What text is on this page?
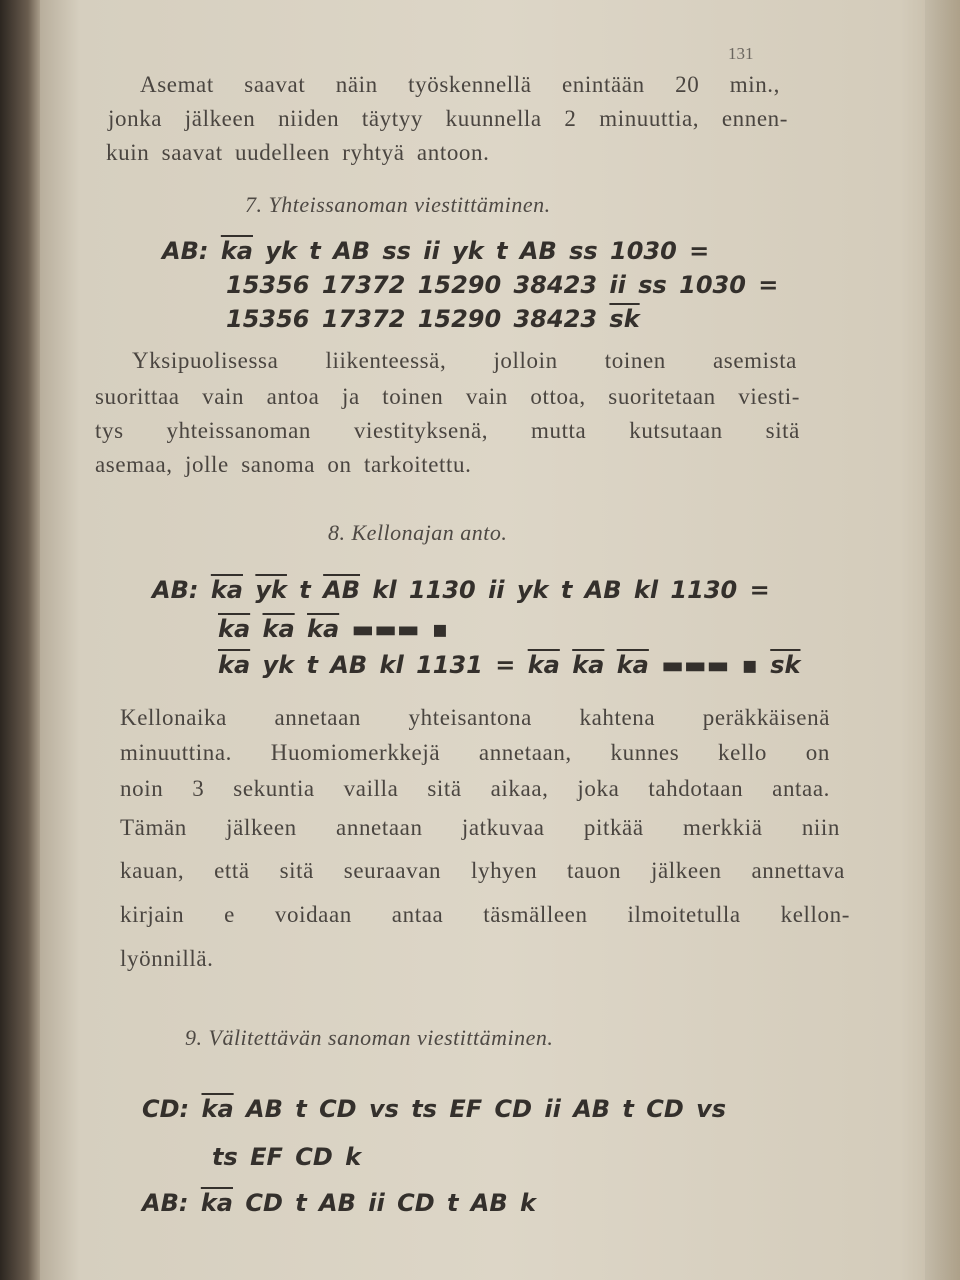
131
Asemat saavat näin työskennellä enintään 20 min.,
jonka jälkeen niiden täytyy kuunnella 2 minuuttia, ennen-
kuin saavat uudelleen ryhtyä antoon.
7. Yhteissanoman viestittäminen.
AB: $\overline{ka}$ yk t AB ss ii yk t AB ss 1030 =
15356 17372 15290 38423 ii ss 1030 =
15356 17372 15290 38423 $\overline{sk}$
Yksipuolisessa liikenteessä, jolloin toinen asemista
suorittaa vain antoa ja toinen vain ottoa, suoritetaan viesti-
tys yhteissanoman viestityksenä, mutta kutsutaan sitä
asemaa, jolle sanoma on tarkoitettu.
8. Kellonajan anto.
AB: $\overline{ka}$ $\overline{yk}$ t $\overline{AB}$ kl 1130 ii yk t AB kl 1130 =
$\overline{ka}$ $\overline{ka}$ $\overline{ka}$ ▬▬▬ ▪
$\overline{ka}$ yk t AB kl $1131 = \overline{ka}$ $\overline{ka}$ $\overline{ka}$ ▬▬▬ ▪ $\overline{sk}$
Kellonaika annetaan yhteisantona kahtena peräkkäisenä
minuuttina. Huomiomerkkejä annetaan, kunnes kello on
noin 3 sekuntia vailla sitä aikaa, joka tahdotaan antaa.
Tämän jälkeen annetaan jatkuvaa pitkää merkkiä niin
kauan, että sitä seuraavan lyhyen tauon jälkeen annettava
kirjain e voidaan antaa täsmälleen ilmoitetulla kellon-
lyönnillä.
9. Välitettävän sanoman viestittäminen.
CD: $\overline{ka}$ AB t CD vs ts EF CD ii AB t CD vs
ts EF CD k
AB: $\overline{ka}$ CD t AB ii CD t AB k
